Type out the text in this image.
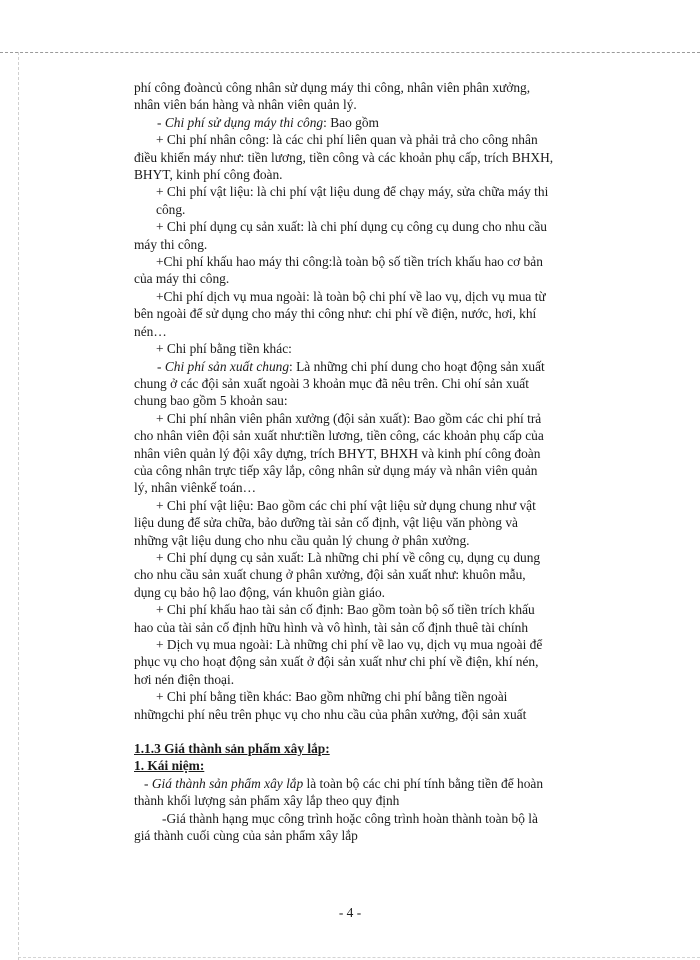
phí công đoàncủ công nhân sử dụng máy thi công, nhân viên phân xưởng,
nhân viên bán hàng và nhân viên quản lý.
- Chi phí sử dụng máy thi công: Bao gồm
+ Chi phí nhân công: là các chi phí liên quan và phải trả cho công nhân
điều khiển máy như: tiền lương, tiền công và các khoản phụ cấp, trích BHXH,
BHYT, kinh phí công đoàn.
+ Chi phí vật liệu: là chi phí vật liệu dung để chạy máy, sửa chữa máy thi
công.
+ Chi phí dụng cụ sản xuất: là chi phí dụng cụ công cụ dung cho nhu cầu
máy thi công.
+Chi phí khấu hao máy thi công:là toàn bộ số tiền trích khấu hao cơ bản
của máy thi công.
+Chi phí dịch vụ mua ngoài: là toàn bộ chi phí về lao vụ, dịch vụ mua từ
bên ngoài để sử dụng cho máy thi công như: chi phí về điện, nước, hơi, khí
nén…
+ Chi phí bằng tiền khác:
- Chi phí sản xuất chung: Là những chi phí dung cho hoạt động sản xuất
chung ở các đội sản xuất ngoài 3 khoản mục đã nêu trên. Chi ohí sản xuất
chung bao gồm 5 khoản sau:
+ Chi phí nhân viên phân xưởng (đội sản xuất): Bao gồm các chi phí trả
cho nhân viên đội sản xuất như:tiền lương, tiền công, các khoản phụ cấp của
nhân viên quản lý đội xây dựng, trích BHYT, BHXH và kinh phí công đoàn
của công nhân trực tiếp xây lắp, công nhân sử dụng máy và nhân viên quản
lý, nhân viênkế toán…
+ Chi phí vật liệu: Bao gồm các chi phí vật liệu sử dụng chung như vật
liệu dung để sửa chữa, bảo dưỡng tài sản cố định, vật liệu văn phòng và
những vật liệu dung cho nhu cầu quản lý chung ở phân xưởng.
+ Chi phí dụng cụ sản xuất: Là những chi phí về công cụ, dụng cụ dung
cho nhu cầu sản xuất chung ở phân xưởng, đội sản xuất như: khuôn mẫu,
dụng cụ bảo hộ lao động, ván khuôn giàn giáo.
+ Chi phí khấu hao tài sản cố định: Bao gồm toàn bộ số tiền trích khấu
hao của tài sản cố định hữu hình và vô hình, tài sản cố định thuê tài chính
+ Dịch vụ mua ngoài: Là những chi phí về lao vụ, dịch vụ mua ngoài để
phục vụ cho hoạt động sản xuất ở đội sản xuất như chi phí về điện, khí nén,
hơi nén điện thoại.
+ Chi phí bằng tiền khác: Bao gồm những chi phí bằng tiền ngoài
nhữngchi phí nêu trên phục vụ cho nhu cầu của phân xưởng, đội sản xuất
1.1.3 Giá thành sản phẩm xây lắp:
1. Kái niệm:
- Giá thành sản phẩm xây lắp là toàn bộ các chi phí tính bằng tiền để hoàn
thành khối lượng sản phẩm xây lắp theo quy định
-Giá thành hạng mục công trình hoặc công trình hoàn thành toàn bộ là
giá thành cuối cùng của sản phẩm xây lắp
- 4 -
